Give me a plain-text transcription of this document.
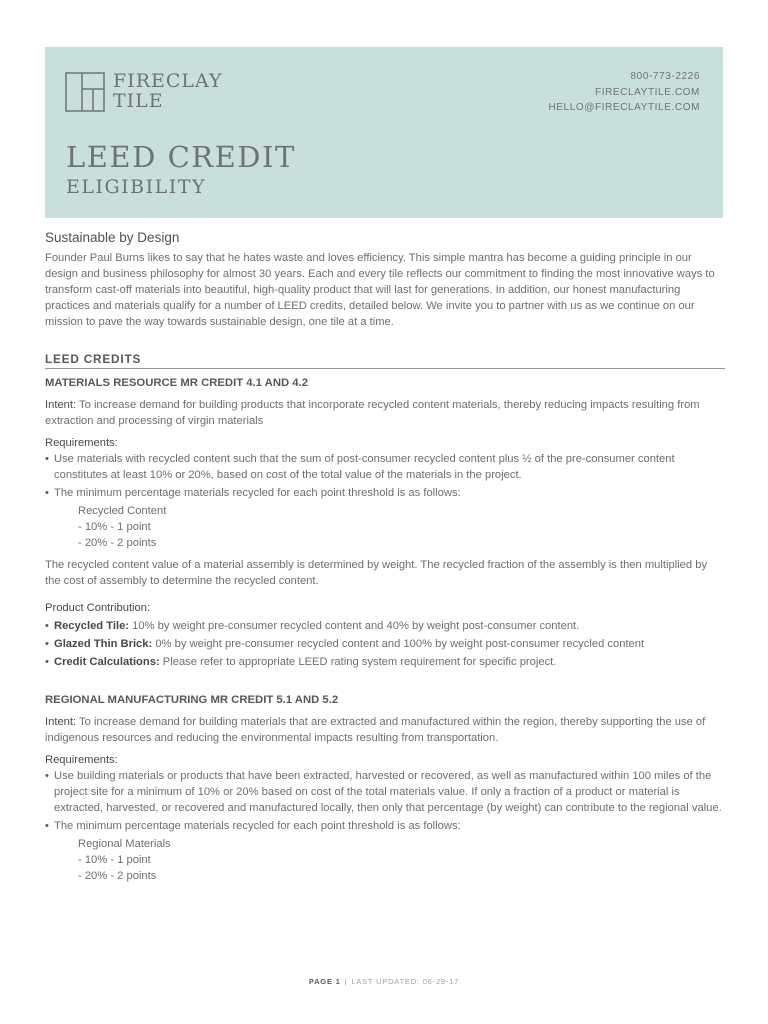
FIRECLAY
TILE
800-773-2226
FIRECLAYTILE.COM
HELLO@FIRECLAYTILE.COM
LEED CREDIT
ELIGIBILITY
Sustainable by Design

Founder Paul Burns likes to say that he hates waste and loves efficiency. This simple mantra has become a guiding principle in our design and business philosophy for almost 30 years. Each and every tile reflects our commitment to finding the most innovative ways to transform cast-off materials into beautiful, high-quality product that will last for generations. In addition, our honest manufacturing practices and materials qualify for a number of LEED credits, detailed below. We invite you to partner with us as we continue on our mission to pave the way towards sustainable design, one tile at a time.

LEED CREDITS
MATERIALS RESOURCE MR CREDIT 4.1 AND 4.2

Intent: To increase demand for building products that incorporate recycled content materials, thereby reducing impacts resulting from extraction and processing of virgin materials

Requirements:

• Use materials with recycled content such that the sum of post-consumer recycled content plus ½ of the pre-consumer content constitutes at least 10% or 20%, based on cost of the total value of the materials in the project.
• The minimum percentage materials recycled for each point threshold is as follows:
Recycled Content
- 10% - 1 point
- 20% - 2 points

The recycled content value of a material assembly is determined by weight. The recycled fraction of the assembly is then multiplied by the cost of assembly to determine the recycled content.

Product Contribution:

• Recycled Tile: 10% by weight pre-consumer recycled content and 40% by weight post-consumer content.
• Glazed Thin Brick: 0% by weight pre-consumer recycled content and 100% by weight post-consumer recycled content
• Credit Calculations: Please refer to appropriate LEED rating system requirement for specific project.
REGIONAL MANUFACTURING MR CREDIT 5.1 AND 5.2

Intent: To increase demand for building materials that are extracted and manufactured within the region, thereby supporting the use of indigenous resources and reducing the environmental impacts resulting from transportation.

Requirements:

• Use building materials or products that have been extracted, harvested or recovered, as well as manufactured within 100 miles of the project site for a minimum of 10% or 20% based on cost of the total materials value. If only a fraction of a product or material is extracted, harvested, or recovered and manufactured locally, then only that percentage (by weight) can contribute to the regional value.
• The minimum percentage materials recycled for each point threshold is as follows:
Regional Materials
- 10% - 1 point
- 20% - 2 points
PAGE 1 | LAST UPDATED: 06-29-17
